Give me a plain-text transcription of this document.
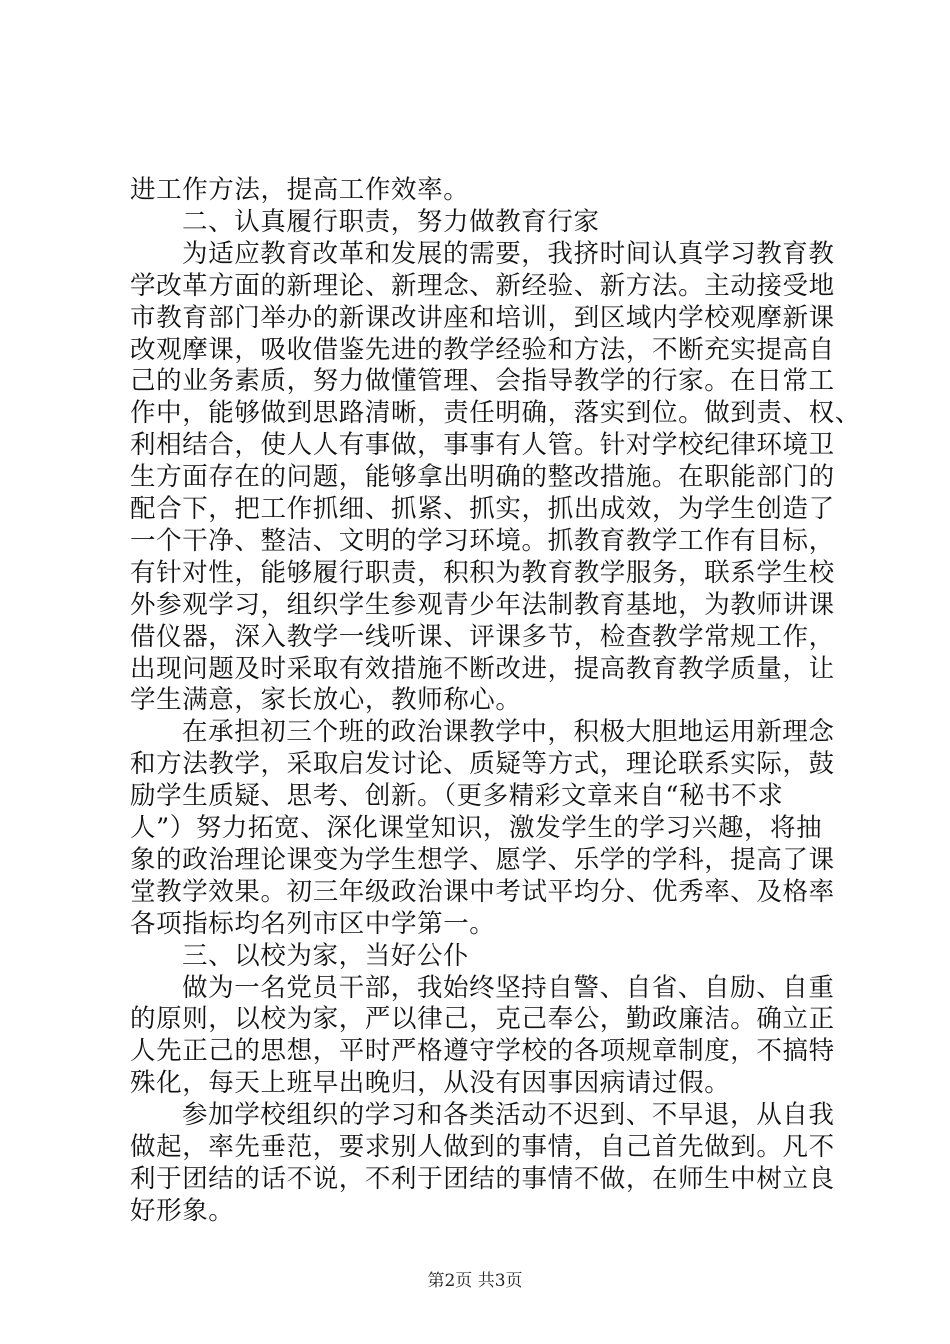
进工作方法，提高工作效率。
二、认真履行职责，努力做教育行家
为适应教育改革和发展的需要，我挤时间认真学习教育教
学改革方面的新理论、新理念、新经验、新方法。主动接受地
市教育部门举办的新课改讲座和培训，到区域内学校观摩新课
改观摩课，吸收借鉴先进的教学经验和方法，不断充实提高自
己的业务素质，努力做懂管理、会指导教学的行家。在日常工
作中，能够做到思路清晰，责任明确，落实到位。做到责、权、
利相结合，使人人有事做，事事有人管。针对学校纪律环境卫
生方面存在的问题，能够拿出明确的整改措施。在职能部门的
配合下，把工作抓细、抓紧、抓实，抓出成效，为学生创造了
一个干净、整洁、文明的学习环境。抓教育教学工作有目标，
有针对性，能够履行职责，积积为教育教学服务，联系学生校
外参观学习，组织学生参观青少年法制教育基地，为教师讲课
借仪器，深入教学一线听课、评课多节，检查教学常规工作，
出现问题及时采取有效措施不断改进，提高教育教学质量，让
学生满意，家长放心，教师称心。
在承担初三个班的政治课教学中，积极大胆地运用新理念
和方法教学，采取启发讨论、质疑等方式，理论联系实际，鼓
励学生质疑、思考、创新。（更多精彩文章来自“秘书不求
人”）努力拓宽、深化课堂知识，激发学生的学习兴趣，将抽
象的政治理论课变为学生想学、愿学、乐学的学科，提高了课
堂教学效果。初三年级政治课中考试平均分、优秀率、及格率
各项指标均名列市区中学第一。
三、以校为家，当好公仆
做为一名党员干部，我始终坚持自警、自省、自励、自重
的原则，以校为家，严以律己，克己奉公，勤政廉洁。确立正
人先正己的思想，平时严格遵守学校的各项规章制度，不搞特
殊化，每天上班早出晚归，从没有因事因病请过假。
参加学校组织的学习和各类活动不迟到、不早退，从自我
做起，率先垂范，要求别人做到的事情，自己首先做到。凡不
利于团结的话不说，不利于团结的事情不做，在师生中树立良
好形象。
第2页 共3页
